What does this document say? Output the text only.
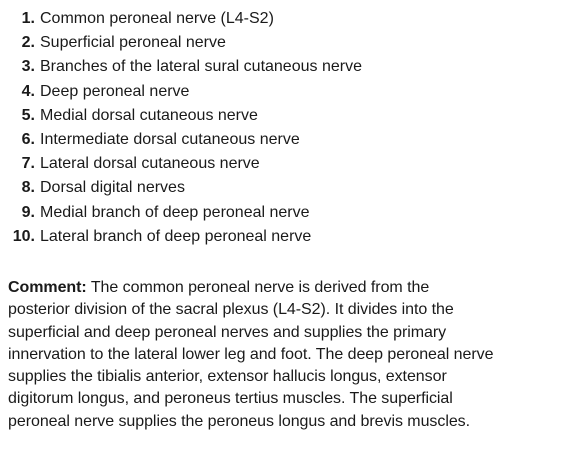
1. Common peroneal nerve (L4-S2)
2. Superficial peroneal nerve
3. Branches of the lateral sural cutaneous nerve
4. Deep peroneal nerve
5. Medial dorsal cutaneous nerve
6. Intermediate dorsal cutaneous nerve
7. Lateral dorsal cutaneous nerve
8. Dorsal digital nerves
9. Medial branch of deep peroneal nerve
10. Lateral branch of deep peroneal nerve

Comment: The common peroneal nerve is derived from the
posterior division of the sacral plexus (L4-S2). It divides into the
superficial and deep peroneal nerves and supplies the primary
innervation to the lateral lower leg and foot. The deep peroneal nerve
supplies the tibialis anterior, extensor hallucis longus, extensor
digitorum longus, and peroneus tertius muscles. The superficial
peroneal nerve supplies the peroneus longus and brevis muscles.
